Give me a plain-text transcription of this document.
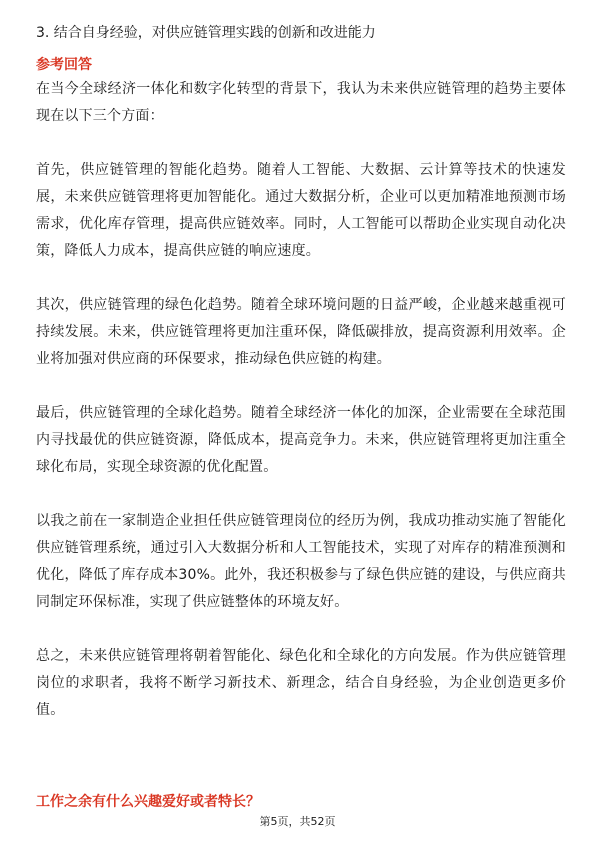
3. 结合自身经验，对供应链管理实践的创新和改进能力

参考回答

在当今全球经济一体化和数字化转型的背景下，我认为未来供应链管理的趋势主要体现在以下三个方面：

首先，供应链管理的智能化趋势。随着人工智能、大数据、云计算等技术的快速发展，未来供应链管理将更加智能化。通过大数据分析，企业可以更加精准地预测市场需求，优化库存管理，提高供应链效率。同时，人工智能可以帮助企业实现自动化决策，降低人力成本，提高供应链的响应速度。

其次，供应链管理的绿色化趋势。随着全球环境问题的日益严峻，企业越来越重视可持续发展。未来，供应链管理将更加注重环保，降低碳排放，提高资源利用效率。企业将加强对供应商的环保要求，推动绿色供应链的构建。

最后，供应链管理的全球化趋势。随着全球经济一体化的加深，企业需要在全球范围内寻找最优的供应链资源，降低成本，提高竞争力。未来，供应链管理将更加注重全球化布局，实现全球资源的优化配置。

以我之前在一家制造企业担任供应链管理岗位的经历为例，我成功推动实施了智能化供应链管理系统，通过引入大数据分析和人工智能技术，实现了对库存的精准预测和优化，降低了库存成本30%。此外，我还积极参与了绿色供应链的建设，与供应商共同制定环保标准，实现了供应链整体的环境友好。

总之，未来供应链管理将朝着智能化、绿色化和全球化的方向发展。作为供应链管理岗位的求职者，我将不断学习新技术、新理念，结合自身经验，为企业创造更多价值。

工作之余有什么兴趣爱好或者特长？

第5页，共52页
